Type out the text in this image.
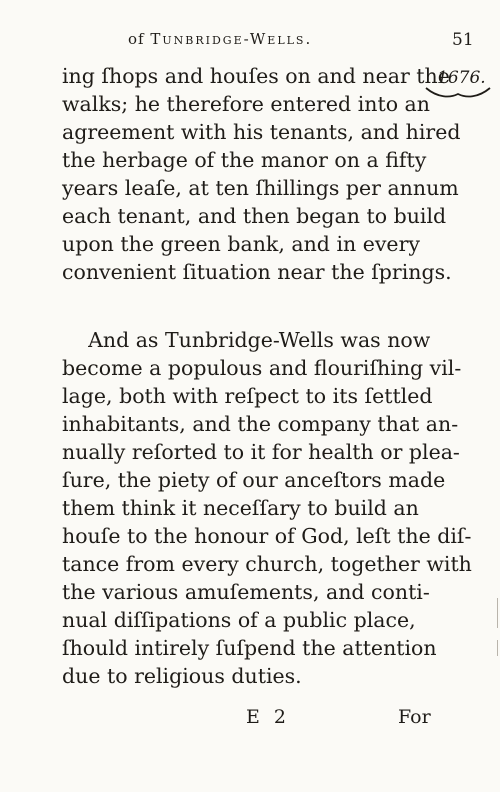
of Tunbridge-Wells.	51
1676.
ing ſhops and houſes on and near the
walks; he therefore entered into an
agreement with his tenants, and hired
the herbage of the manor on a fifty
years leaſe, at ten ſhillings per annum
each tenant, and then began to build
upon the green bank, and in every
convenient ſituation near the ſprings.
And as Tunbridge-Wells was now
become a populous and flouriſhing vil-
lage, both with reſpect to its ſettled
inhabitants, and the company that an-
nually reſorted to it for health or plea-
ſure, the piety of our anceſtors made
them think it neceſſary to build an
houſe to the honour of God, leſt the diſ-
tance from every church, together with
the various amuſements, and conti-
nual diſſipations of a public place,
ſhould intirely ſuſpend the attention
due to religious duties.
E 2	For
